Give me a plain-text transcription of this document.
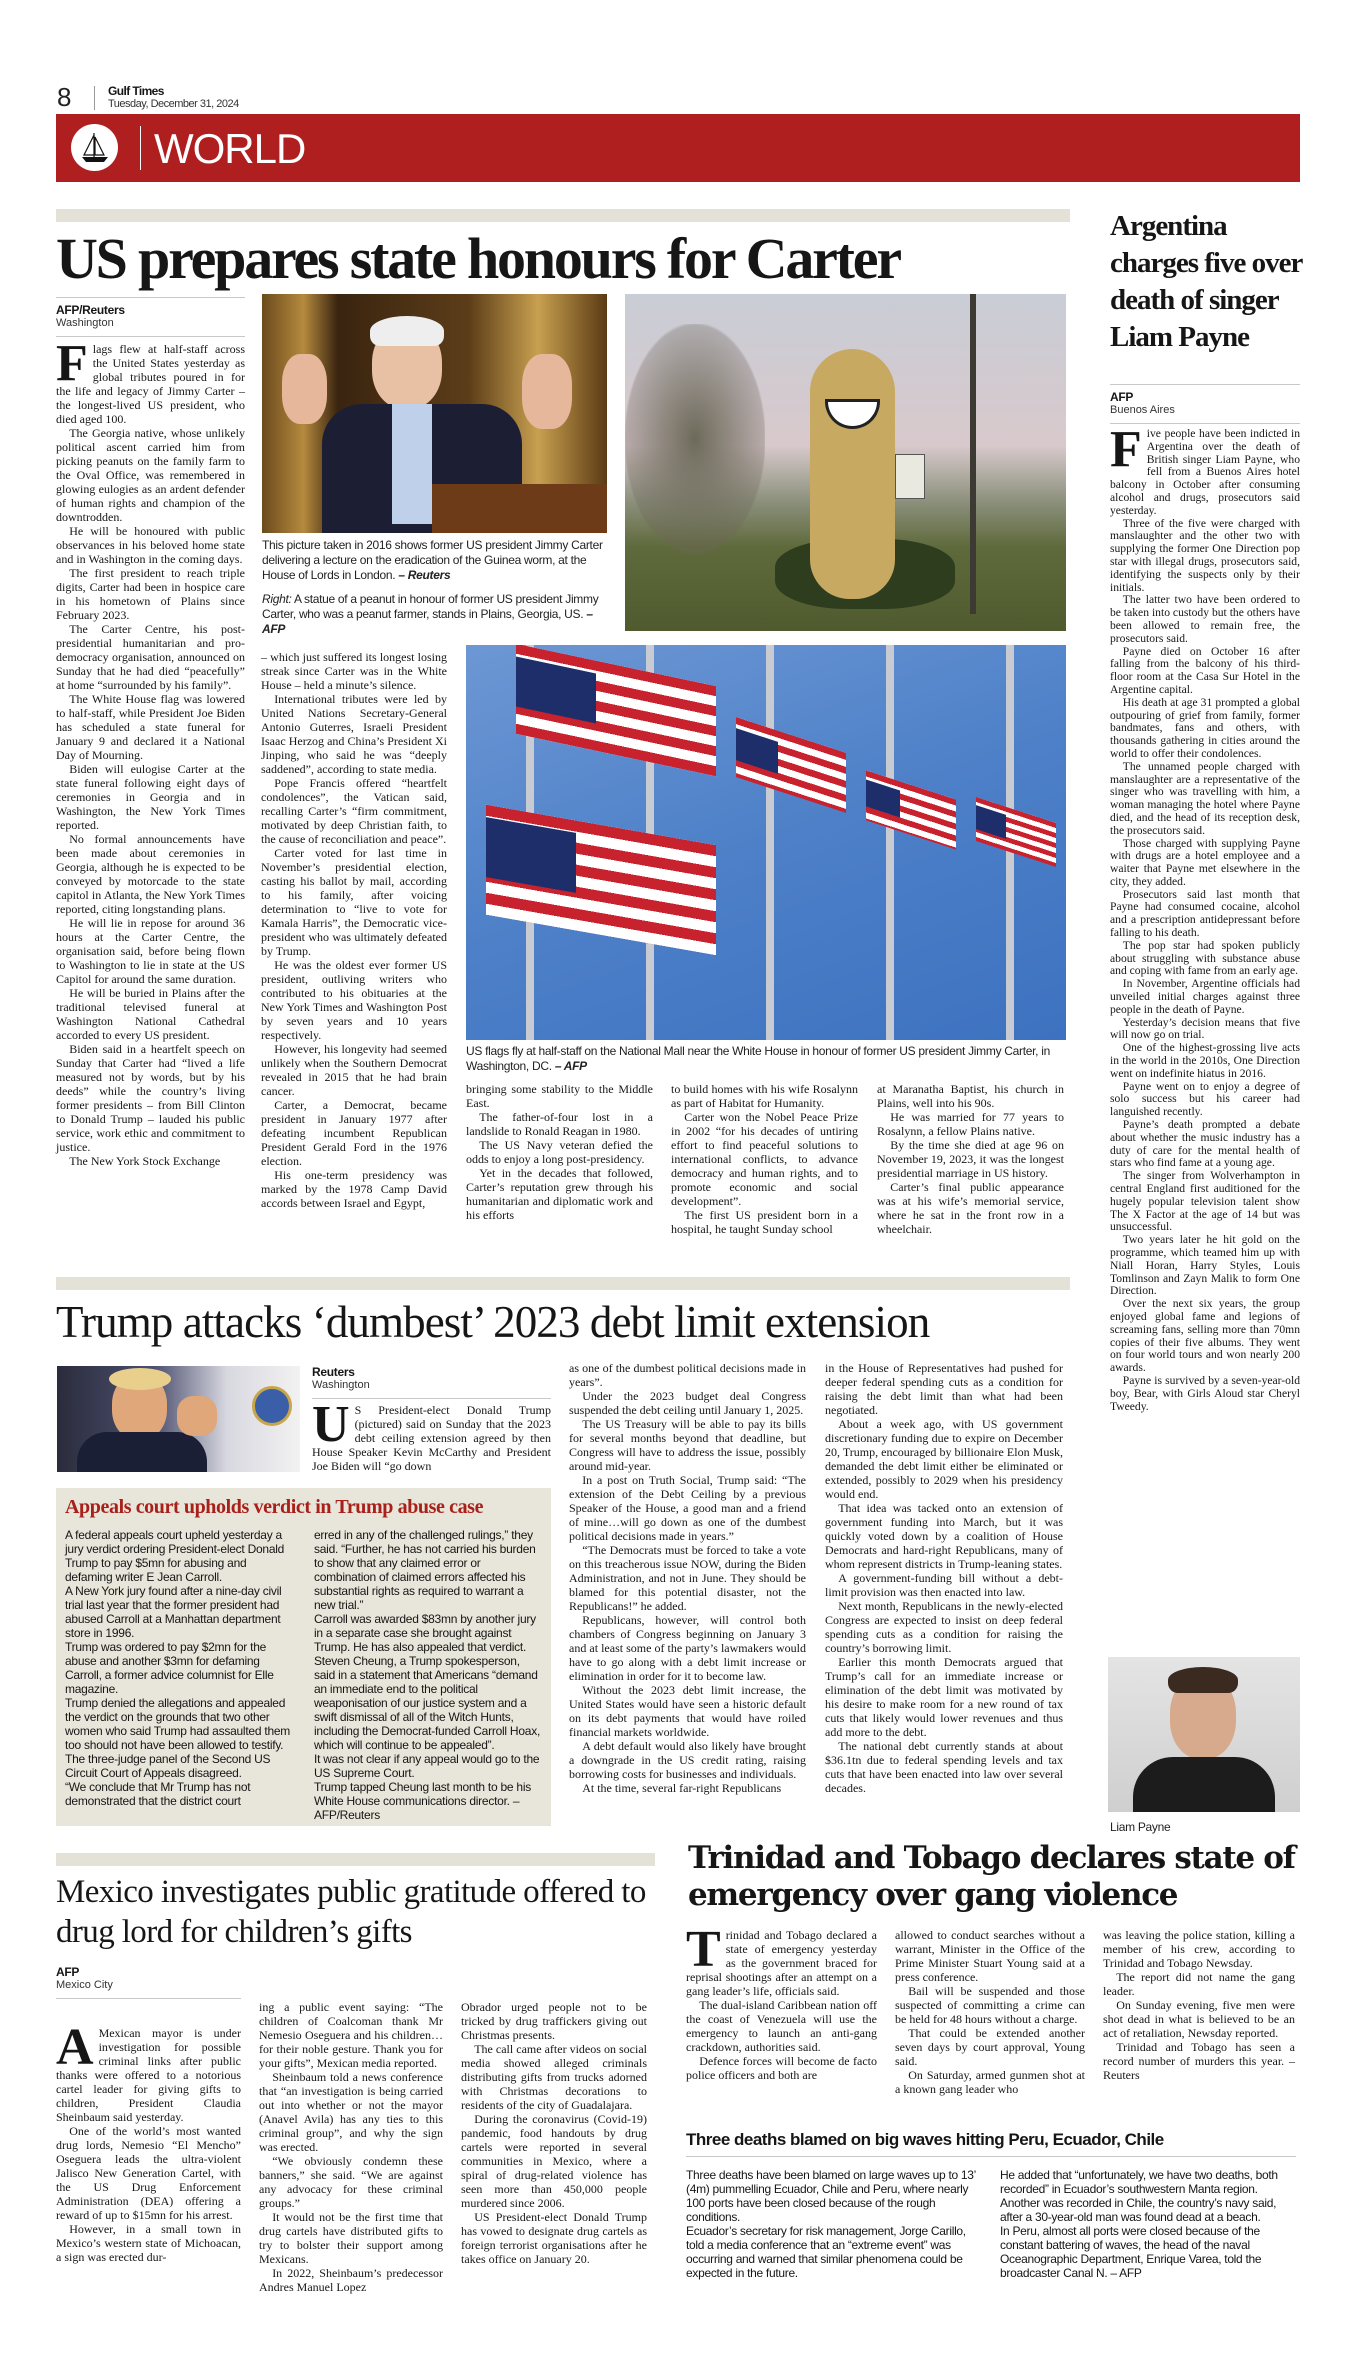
8	Gulf Times
Tuesday, December 31, 2024
WORLD
US prepares state honours for Carter
AFP/Reuters
Washington

Flags flew at half-staff across the United States yesterday as global tributes poured in for the life and legacy of Jimmy Carter – the longest-lived US president, who died aged 100.

The Georgia native, whose unlikely political ascent carried him from picking peanuts on the family farm to the Oval Office, was remembered in glowing eulogies as an ardent defender of human rights and champion of the downtrodden.

He will be honoured with public observances in his beloved home state and in Washington in the coming days.

The first president to reach triple digits, Carter had been in hospice care in his hometown of Plains since February 2023.

The Carter Centre, his post-presidential humanitarian and pro-democracy organisation, announced on Sunday that he had died “peacefully” at home “surrounded by his family”.

The White House flag was lowered to half-staff, while President Joe Biden has scheduled a state funeral for January 9 and declared it a National Day of Mourning.

Biden will eulogise Carter at the state funeral following eight days of ceremonies in Georgia and in Washington, the New York Times reported.

No formal announcements have been made about ceremonies in Georgia, although he is expected to be conveyed by motorcade to the state capitol in Atlanta, the New York Times reported, citing longstanding plans.

He will lie in repose for around 36 hours at the Carter Centre, the organisation said, before being flown to Washington to lie in state at the US Capitol for around the same duration.

He will be buried in Plains after the traditional televised funeral at Washington National Cathedral accorded to every US president.

Biden said in a heartfelt speech on Sunday that Carter had “lived a life measured not by words, but by his deeds” while the country’s living former presidents – from Bill Clinton to Donald Trump – lauded his public service, work ethic and commitment to justice.

The New York Stock Exchange

This picture taken in 2016 shows former US president Jimmy Carter delivering a lecture on the eradication of the Guinea worm, at the House of Lords in London. – Reuters
Right: A statue of a peanut in honour of former US president Jimmy Carter, who was a peanut farmer, stands in Plains, Georgia, US. – AFP

– which just suffered its longest losing streak since Carter was in the White House – held a minute’s silence.

International tributes were led by United Nations Secretary-General Antonio Guterres, Israeli President Isaac Herzog and China’s President Xi Jinping, who said he was “deeply saddened”, according to state media.

Pope Francis offered “heartfelt condolences”, the Vatican said, recalling Carter’s “firm commitment, motivated by deep Christian faith, to the cause of reconciliation and peace”.

Carter voted for last time in November’s presidential election, casting his ballot by mail, according to his family, after voicing determination to “live to vote for Kamala Harris”, the Democratic vice-president who was ultimately defeated by Trump.

He was the oldest ever former US president, outliving writers who contributed to his obituaries at the New York Times and Washington Post by seven years and 10 years respectively.

However, his longevity had seemed unlikely when the Southern Democrat revealed in 2015 that he had brain cancer.

Carter, a Democrat, became president in January 1977 after defeating incumbent Republican President Gerald Ford in the 1976 election.

His one-term presidency was marked by the 1978 Camp David accords between Israel and Egypt,

US flags fly at half-staff on the National Mall near the White House in honour of former US president Jimmy Carter, in Washington, DC. – AFP

bringing some stability to the Middle East.

The father-of-four lost in a landslide to Ronald Reagan in 1980.

The US Navy veteran defied the odds to enjoy a long post-presidency.

Yet in the decades that followed, Carter’s reputation grew through his humanitarian and diplomatic work and his efforts

to build homes with his wife Rosalynn as part of Habitat for Humanity.

Carter won the Nobel Peace Prize in 2002 “for his decades of untiring effort to find peaceful solutions to international conflicts, to advance democracy and human rights, and to promote economic and social development”.

The first US president born in a hospital, he taught Sunday school

at Maranatha Baptist, his church in Plains, well into his 90s.

He was married for 77 years to Rosalynn, a fellow Plains native.

By the time she died at age 96 on November 19, 2023, it was the longest presidential marriage in US history.

Carter’s final public appearance was at his wife’s memorial service, where he sat in the front row in a wheelchair.

Argentina charges five over death of singer Liam Payne
AFP
Buenos Aires

Five people have been indicted in Argentina over the death of British singer Liam Payne, who fell from a Buenos Aires hotel balcony in October after consuming alcohol and drugs, prosecutors said yesterday.

Three of the five were charged with manslaughter and the other two with supplying the former One Direction pop star with illegal drugs, prosecutors said, identifying the suspects only by their initials.

The latter two have been ordered to be taken into custody but the others have been allowed to remain free, the prosecutors said.

Payne died on October 16 after falling from the balcony of his third-floor room at the Casa Sur Hotel in the Argentine capital.

His death at age 31 prompted a global outpouring of grief from family, former bandmates, fans and others, with thousands gathering in cities around the world to offer their condolences.

The unnamed people charged with manslaughter are a representative of the singer who was travelling with him, a woman managing the hotel where Payne died, and the head of its reception desk, the prosecutors said.

Those charged with supplying Payne with drugs are a hotel employee and a waiter that Payne met elsewhere in the city, they added.

Prosecutors said last month that Payne had consumed cocaine, alcohol and a prescription antidepressant before falling to his death.

The pop star had spoken publicly about struggling with substance abuse and coping with fame from an early age.

In November, Argentine officials had unveiled initial charges against three people in the death of Payne.

Yesterday’s decision means that five will now go on trial.

One of the highest-grossing live acts in the world in the 2010s, One Direction went on indefinite hiatus in 2016.

Payne went on to enjoy a degree of solo success but his career had languished recently.

Payne’s death prompted a debate about whether the music industry has a duty of care for the mental health of stars who find fame at a young age.

The singer from Wolverhampton in central England first auditioned for the hugely popular television talent show The X Factor at the age of 14 but was unsuccessful.

Two years later he hit gold on the programme, which teamed him up with Niall Horan, Harry Styles, Louis Tomlinson and Zayn Malik to form One Direction.

Over the next six years, the group enjoyed global fame and legions of screaming fans, selling more than 70mn copies of their five albums. They went on four world tours and won nearly 200 awards.

Payne is survived by a seven-year-old boy, Bear, with Girls Aloud star Cheryl Tweedy.

Liam Payne
Trump attacks ‘dumbest’ 2023 debt limit extension
Reuters
Washington

US President-elect Donald Trump (pictured) said on Sunday that the 2023 debt ceiling extension agreed by then House Speaker Kevin McCarthy and President Joe Biden will “go down

as one of the dumbest political decisions made in years”.

Under the 2023 budget deal Congress suspended the debt ceiling until January 1, 2025.

The US Treasury will be able to pay its bills for several months beyond that deadline, but Congress will have to address the issue, possibly around mid-year.

In a post on Truth Social, Trump said: “The extension of the Debt Ceiling by a previous Speaker of the House, a good man and a friend of mine…will go down as one of the dumbest political decisions made in years.”

“The Democrats must be forced to take a vote on this treacherous issue NOW, during the Biden Administration, and not in June. They should be blamed for this potential disaster, not the Republicans!” he added.

Republicans, however, will control both chambers of Congress beginning on January 3 and at least some of the party’s lawmakers would have to go along with a debt limit increase or elimination in order for it to become law.

Without the 2023 debt limit increase, the United States would have seen a historic default on its debt payments that would have roiled financial markets worldwide.

A debt default would also likely have brought a downgrade in the US credit rating, raising borrowing costs for businesses and individuals.

At the time, several far-right Republicans

in the House of Representatives had pushed for deeper federal spending cuts as a condition for raising the debt limit than what had been negotiated.

About a week ago, with US government discretionary funding due to expire on December 20, Trump, encouraged by billionaire Elon Musk, demanded the debt limit either be eliminated or extended, possibly to 2029 when his presidency would end.

That idea was tacked onto an extension of government funding into March, but it was quickly voted down by a coalition of House Democrats and hard-right Republicans, many of whom represent districts in Trump-leaning states.

A government-funding bill without a debt-limit provision was then enacted into law.

Next month, Republicans in the newly-elected Congress are expected to insist on deep federal spending cuts as a condition for raising the country’s borrowing limit.

Earlier this month Democrats argued that Trump’s call for an immediate increase or elimination of the debt limit was motivated by his desire to make room for a new round of tax cuts that likely would lower revenues and thus add more to the debt.

The national debt currently stands at about $36.1tn due to federal spending levels and tax cuts that have been enacted into law over several decades.

Appeals court upholds verdict in Trump abuse case

A federal appeals court upheld yesterday a jury verdict ordering President-elect Donald Trump to pay $5mn for abusing and defaming writer E Jean Carroll.

A New York jury found after a nine-day civil trial last year that the former president had abused Carroll at a Manhattan department store in 1996.

Trump was ordered to pay $2mn for the abuse and another $3mn for defaming Carroll, a former advice columnist for Elle magazine.

Trump denied the allegations and appealed the verdict on the grounds that two other women who said Trump had assaulted them too should not have been allowed to testify.

The three-judge panel of the Second US Circuit Court of Appeals disagreed.

“We conclude that Mr Trump has not demonstrated that the district court

erred in any of the challenged rulings,” they said. “Further, he has not carried his burden to show that any claimed error or combination of claimed errors affected his substantial rights as required to warrant a new trial.”

Carroll was awarded $83mn by another jury in a separate case she brought against Trump. He has also appealed that verdict.

Steven Cheung, a Trump spokesperson, said in a statement that Americans “demand an immediate end to the political weaponisation of our justice system and a swift dismissal of all of the Witch Hunts, including the Democrat-funded Carroll Hoax, which will continue to be appealed”.

It was not clear if any appeal would go to the US Supreme Court.

Trump tapped Cheung last month to be his White House communications director. – AFP/Reuters

Mexico investigates public gratitude offered to drug lord for children’s gifts
AFP
Mexico City

AMexican mayor is under investigation for possible criminal links after public thanks were offered to a notorious cartel leader for giving gifts to children, President Claudia Sheinbaum said yesterday.

One of the world’s most wanted drug lords, Nemesio “El Mencho” Oseguera leads the ultra-violent Jalisco New Generation Cartel, with the US Drug Enforcement Administration (DEA) offering a reward of up to $15mn for his arrest.

However, in a small town in Mexico’s western state of Michoacan, a sign was erected dur-

ing a public event saying: “The children of Coalcoman thank Mr Nemesio Oseguera and his children…for their noble gesture. Thank you for your gifts”, Mexican media reported.

Sheinbaum told a news conference that “an investigation is being carried out into whether or not the mayor (Anavel Avila) has any ties to this criminal group”, and why the sign was erected.

“We obviously condemn these banners,” she said. “We are against any advocacy for these criminal groups.”

It would not be the first time that drug cartels have distributed gifts to try to bolster their support among Mexicans.

In 2022, Sheinbaum’s predecessor Andres Manuel Lopez

Obrador urged people not to be tricked by drug traffickers giving out Christmas presents.

The call came after videos on social media showed alleged criminals distributing gifts from trucks adorned with Christmas decorations to residents of the city of Guadalajara.

During the coronavirus (Covid-19) pandemic, food handouts by drug cartels were reported in several communities in Mexico, where a spiral of drug-related violence has seen more than 450,000 people murdered since 2006.

US President-elect Donald Trump has vowed to designate drug cartels as foreign terrorist organisations after he takes office on January 20.

Trinidad and Tobago declares state of emergency over gang violence

Trinidad and Tobago declared a state of emergency yesterday as the government braced for reprisal shootings after an attempt on a gang leader’s life, officials said.

The dual-island Caribbean nation off the coast of Venezuela will use the emergency to launch an anti-gang crackdown, authorities said.

Defence forces will become de facto police officers and both are

allowed to conduct searches without a warrant, Minister in the Office of the Prime Minister Stuart Young said at a press conference.

Bail will be suspended and those suspected of committing a crime can be held for 48 hours without a charge.

That could be extended another seven days by court approval, Young said.

On Saturday, armed gunmen shot at a known gang leader who

was leaving the police station, killing a member of his crew, according to Trinidad and Tobago Newsday.

The report did not name the gang leader.

On Sunday evening, five men were shot dead in what is believed to be an act of retaliation, Newsday reported.

Trinidad and Tobago has seen a record number of murders this year. – Reuters

Three deaths blamed on big waves hitting Peru, Ecuador, Chile

Three deaths have been blamed on large waves up to 13’ (4m) pummelling Ecuador, Chile and Peru, where nearly 100 ports have been closed because of the rough conditions.

Ecuador’s secretary for risk management, Jorge Carillo, told a media conference that an “extreme event” was occurring and warned that similar phenomena could be expected in the future.

He added that “unfortunately, we have two deaths, both recorded” in Ecuador’s southwestern Manta region.

Another was recorded in Chile, the country’s navy said, after a 30-year-old man was found dead at a beach.

In Peru, almost all ports were closed because of the constant battering of waves, the head of the naval Oceanographic Department, Enrique Varea, told the broadcaster Canal N. – AFP
